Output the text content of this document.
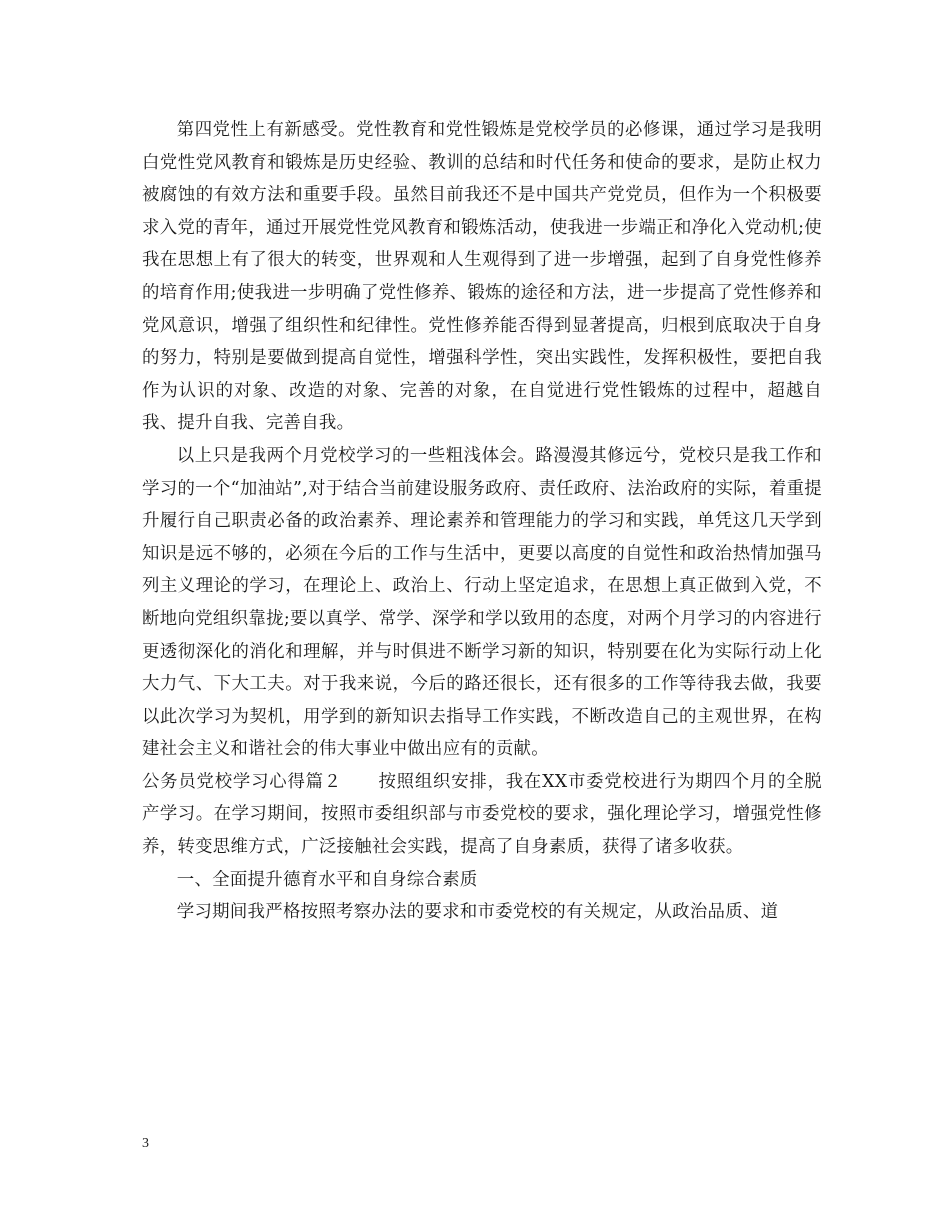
第四党性上有新感受。党性教育和党性锻炼是党校学员的必修课，通过学习是我明白党性党风教育和锻炼是历史经验、教训的总结和时代任务和使命的要求，是防止权力被腐蚀的有效方法和重要手段。虽然目前我还不是中国共产党党员，但作为一个积极要求入党的青年，通过开展党性党风教育和锻炼活动，使我进一步端正和净化入党动机;使我在思想上有了很大的转变，世界观和人生观得到了进一步增强，起到了自身党性修养的培育作用;使我进一步明确了党性修养、锻炼的途径和方法，进一步提高了党性修养和党风意识，增强了组织性和纪律性。党性修养能否得到显著提高，归根到底取决于自身的努力，特别是要做到提高自觉性，增强科学性，突出实践性，发挥积极性，要把自我作为认识的对象、改造的对象、完善的对象，在自觉进行党性锻炼的过程中，超越自我、提升自我、完善自我。

以上只是我两个月党校学习的一些粗浅体会。路漫漫其修远兮，党校只是我工作和学习的一个“加油站”,对于结合当前建设服务政府、责任政府、法治政府的实际，着重提升履行自己职责必备的政治素养、理论素养和管理能力的学习和实践，单凭这几天学到知识是远不够的，必须在今后的工作与生活中，更要以高度的自觉性和政治热情加强马列主义理论的学习，在理论上、政治上、行动上坚定追求，在思想上真正做到入党，不断地向党组织靠拢;要以真学、常学、深学和学以致用的态度，对两个月学习的内容进行更透彻深化的消化和理解，并与时俱进不断学习新的知识，特别要在化为实际行动上化大力气、下大工夫。对于我来说，今后的路还很长，还有很多的工作等待我去做，我要以此次学习为契机，用学到的新知识去指导工作实践，不断改造自己的主观世界，在构建社会主义和谐社会的伟大事业中做出应有的贡献。

公务员党校学习心得篇２ 按照组织安排，我在XX市委党校进行为期四个月的全脱产学习。在学习期间，按照市委组织部与市委党校的要求，强化理论学习，增强党性修养，转变思维方式，广泛接触社会实践，提高了自身素质，获得了诸多收获。

一、全面提升德育水平和自身综合素质

学习期间我严格按照考察办法的要求和市委党校的有关规定，从政治品质、道

3
